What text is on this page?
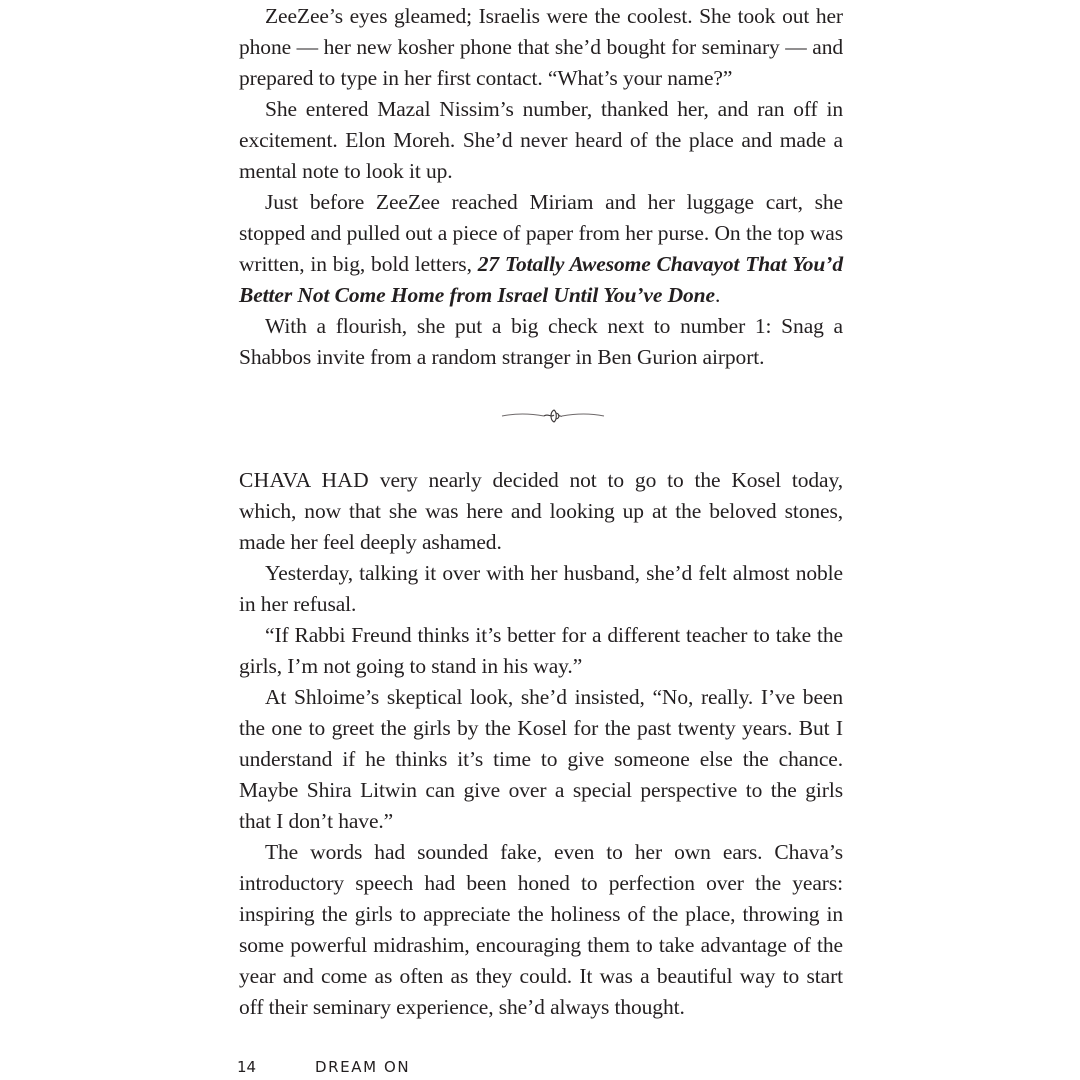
ZeeZee’s eyes gleamed; Israelis were the coolest. She took out her phone — her new kosher phone that she’d bought for seminary — and prepared to type in her first contact. “What’s your name?”

She entered Mazal Nissim’s number, thanked her, and ran off in excitement. Elon Moreh. She’d never heard of the place and made a mental note to look it up.

Just before ZeeZee reached Miriam and her luggage cart, she stopped and pulled out a piece of paper from her purse. On the top was written, in big, bold letters, 27 Totally Awesome Chavayot That You’d Better Not Come Home from Israel Until You’ve Done.

With a flourish, she put a big check next to number 1: Snag a Shabbos invite from a random stranger in Ben Gurion airport.

CHAVA HAD very nearly decided not to go to the Kosel today, which, now that she was here and looking up at the beloved stones, made her feel deeply ashamed.

Yesterday, talking it over with her husband, she’d felt almost noble in her refusal.

“If Rabbi Freund thinks it’s better for a different teacher to take the girls, I’m not going to stand in his way.”

At Shloime’s skeptical look, she’d insisted, “No, really. I’ve been the one to greet the girls by the Kosel for the past twenty years. But I understand if he thinks it’s time to give someone else the chance. Maybe Shira Litwin can give over a special perspective to the girls that I don’t have.”

The words had sounded fake, even to her own ears. Chava’s introductory speech had been honed to perfection over the years: inspiring the girls to appreciate the holiness of the place, throwing in some powerful midrashim, encouraging them to take advantage of the year and come as often as they could. It was a beautiful way to start off their seminary experience, she’d always thought.

14	DREAM ON
